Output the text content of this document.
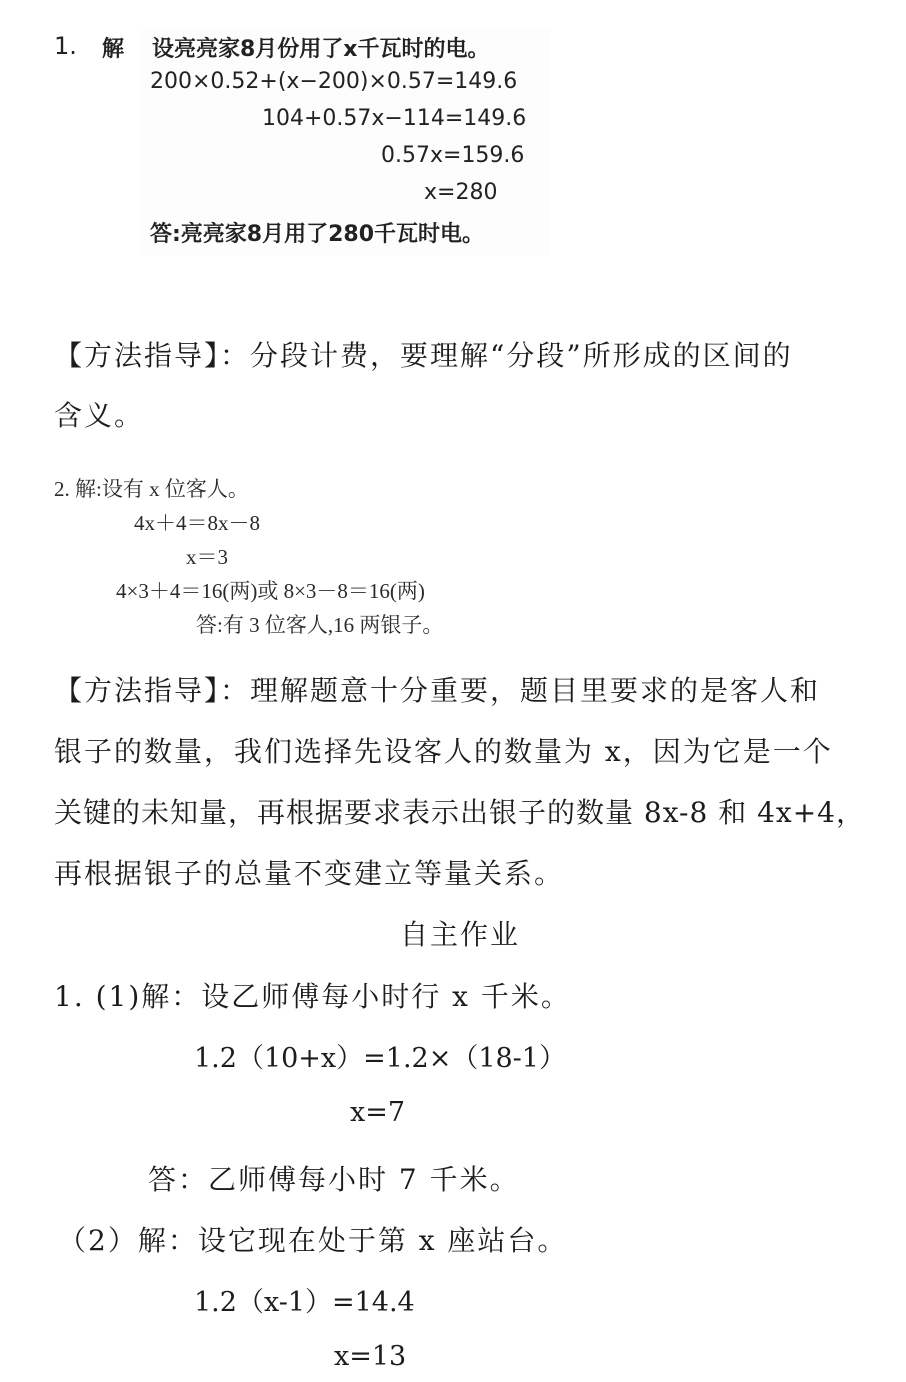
1. 解 设亮亮家8月份用了x千瓦时的电。
200×0.52+(x−200)×0.57=149.6
104+0.57x−114=149.6
0.57x=159.6
x=280
答:亮亮家8月用了280千瓦时电。
【方法指导】：分段计费，要理解“分段”所形成的区间的
含义。
2. 解:设有 x 位客人。
4x＋4＝8x－8
x＝3
4×3＋4＝16(两)或 8×3－8＝16(两)
答:有 3 位客人,16 两银子。
【方法指导】：理解题意十分重要，题目里要求的是客人和
银子的数量，我们选择先设客人的数量为 x，因为它是一个
关键的未知量，再根据要求表示出银子的数量 8x-8 和 4x+4，
再根据银子的总量不变建立等量关系。
自主作业
1. (1)解：设乙师傅每小时行 x 千米。
1.2（10+x）=1.2×（18-1）
x=7
答：乙师傅每小时 7 千米。
（2）解：设它现在处于第 x 座站台。
1.2（x-1）=14.4
x=13
